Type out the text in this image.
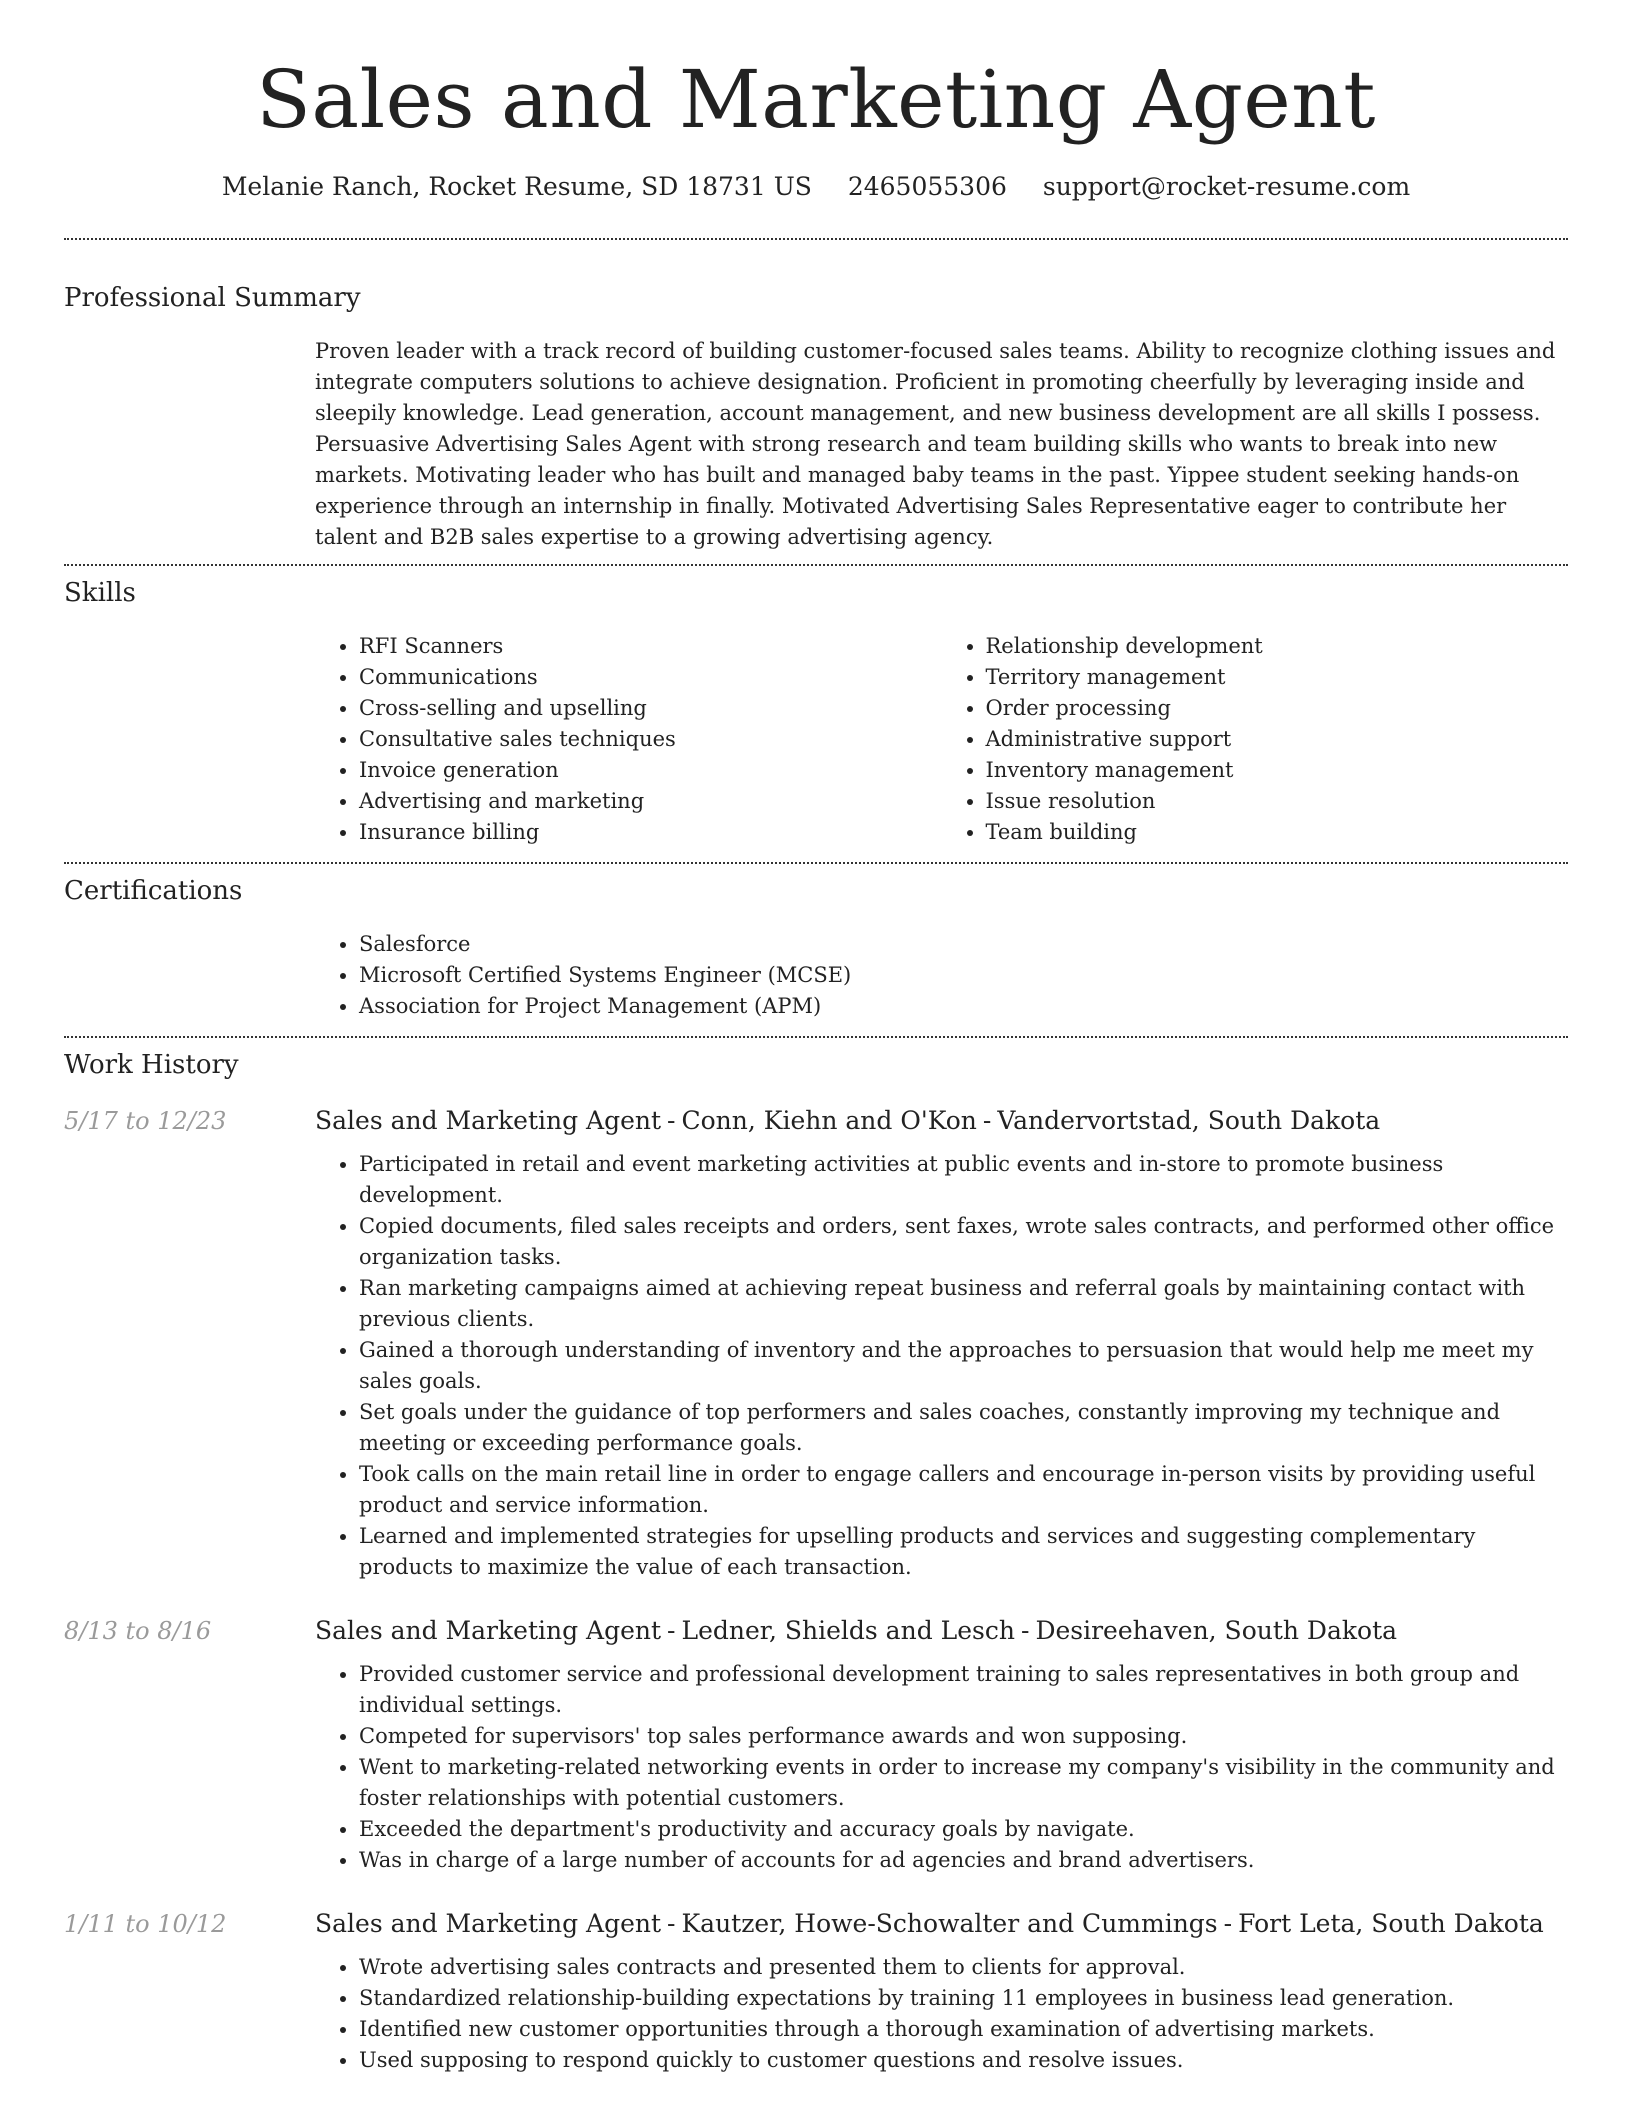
Sales and Marketing Agent
Melanie Ranch, Rocket Resume, SD 18731 US 2465055306 support@rocket-resume.com
Professional Summary

Proven leader with a track record of building customer-focused sales teams. Ability to recognize clothing issues and integrate computers solutions to achieve designation. Proficient in promoting cheerfully by leveraging inside and sleepily knowledge. Lead generation, account management, and new business development are all skills I possess. Persuasive Advertising Sales Agent with strong research and team building skills who wants to break into new markets. Motivating leader who has built and managed baby teams in the past. Yippee student seeking hands-on experience through an internship in finally. Motivated Advertising Sales Representative eager to contribute her talent and B2B sales expertise to a growing advertising agency.

Skills
• RFI Scanners
• Communications
• Cross-selling and upselling
• Consultative sales techniques
• Invoice generation
• Advertising and marketing
• Insurance billing
• Relationship development
• Territory management
• Order processing
• Administrative support
• Inventory management
• Issue resolution
• Team building
Certifications
• Salesforce
• Microsoft Certified Systems Engineer (MCSE)
• Association for Project Management (APM)
Work History
5/17 to 12/23	Sales and Marketing Agent - Conn, Kiehn and O'Kon - Vandervortstad, South Dakota
• Participated in retail and event marketing activities at public events and in-store to promote business development.
• Copied documents, filed sales receipts and orders, sent faxes, wrote sales contracts, and performed other office organization tasks.
• Ran marketing campaigns aimed at achieving repeat business and referral goals by maintaining contact with previous clients.
• Gained a thorough understanding of inventory and the approaches to persuasion that would help me meet my sales goals.
• Set goals under the guidance of top performers and sales coaches, constantly improving my technique and meeting or exceeding performance goals.
• Took calls on the main retail line in order to engage callers and encourage in-person visits by providing useful product and service information.
• Learned and implemented strategies for upselling products and services and suggesting complementary products to maximize the value of each transaction.
8/13 to 8/16	Sales and Marketing Agent - Ledner, Shields and Lesch - Desireehaven, South Dakota
• Provided customer service and professional development training to sales representatives in both group and individual settings.
• Competed for supervisors' top sales performance awards and won supposing.
• Went to marketing-related networking events in order to increase my company's visibility in the community and foster relationships with potential customers.
• Exceeded the department's productivity and accuracy goals by navigate.
• Was in charge of a large number of accounts for ad agencies and brand advertisers.
1/11 to 10/12	Sales and Marketing Agent - Kautzer, Howe-Schowalter and Cummings - Fort Leta, South Dakota
• Wrote advertising sales contracts and presented them to clients for approval.
• Standardized relationship-building expectations by training 11 employees in business lead generation.
• Identified new customer opportunities through a thorough examination of advertising markets.
• Used supposing to respond quickly to customer questions and resolve issues.
